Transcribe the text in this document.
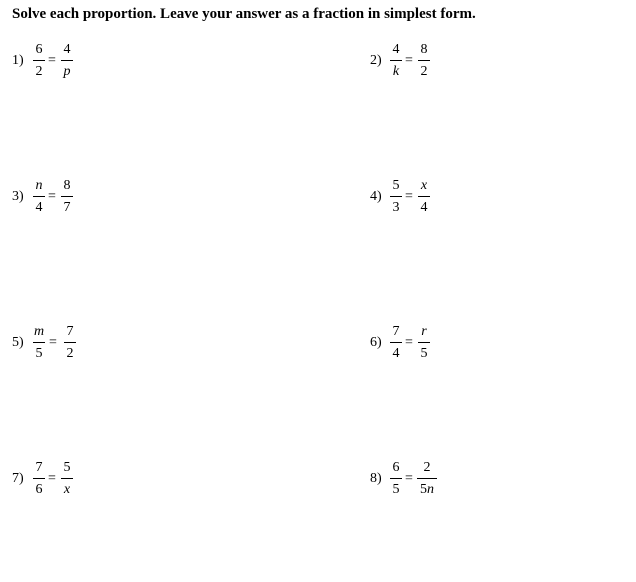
Solve each proportion. Leave your answer as a fraction in simplest form.
1)
6
2
=
4
p
2)
4
k
=
8
2
3)
n
4
=
8
7
4)
5
3
=
x
4
5)
m
5
=
7
2
6)
7
4
=
r
5
7)
7
6
=
5
x
8)
6
5
=
2
5n
